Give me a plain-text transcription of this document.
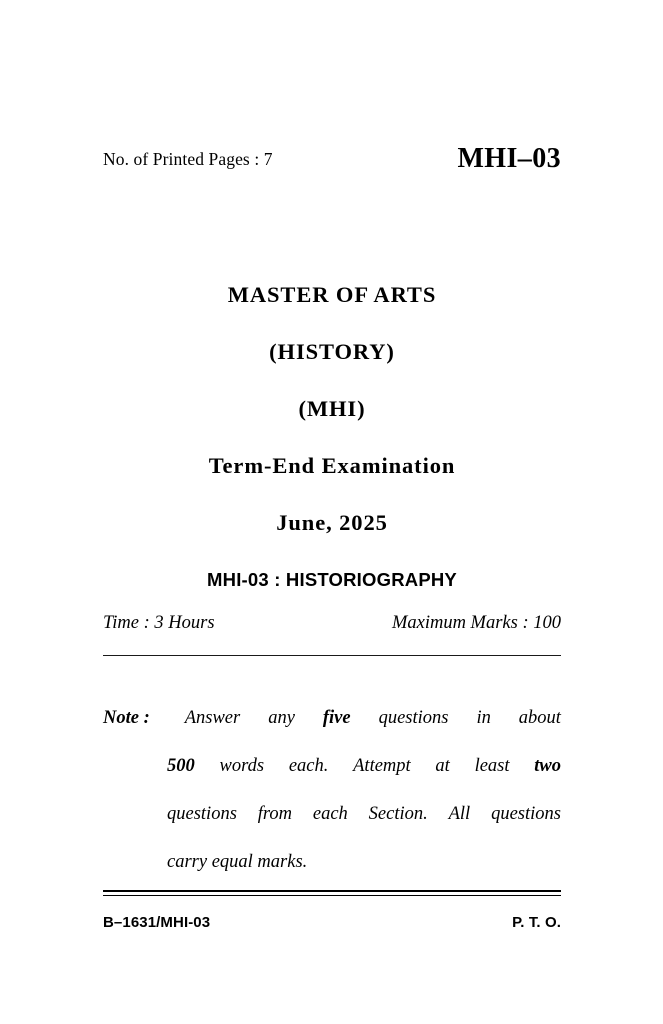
No. of Printed Pages : 7	MHI–03
MASTER OF ARTS
(HISTORY)
(MHI)
Term-End Examination
June, 2025
MHI-03 : HISTORIOGRAPHY
Time : 3 Hours	Maximum Marks : 100
Note : Answer any five questions in about
500 words each. Attempt at least two
questions from each Section. All questions
carry equal marks.
B–1631/MHI-03	P. T. O.
